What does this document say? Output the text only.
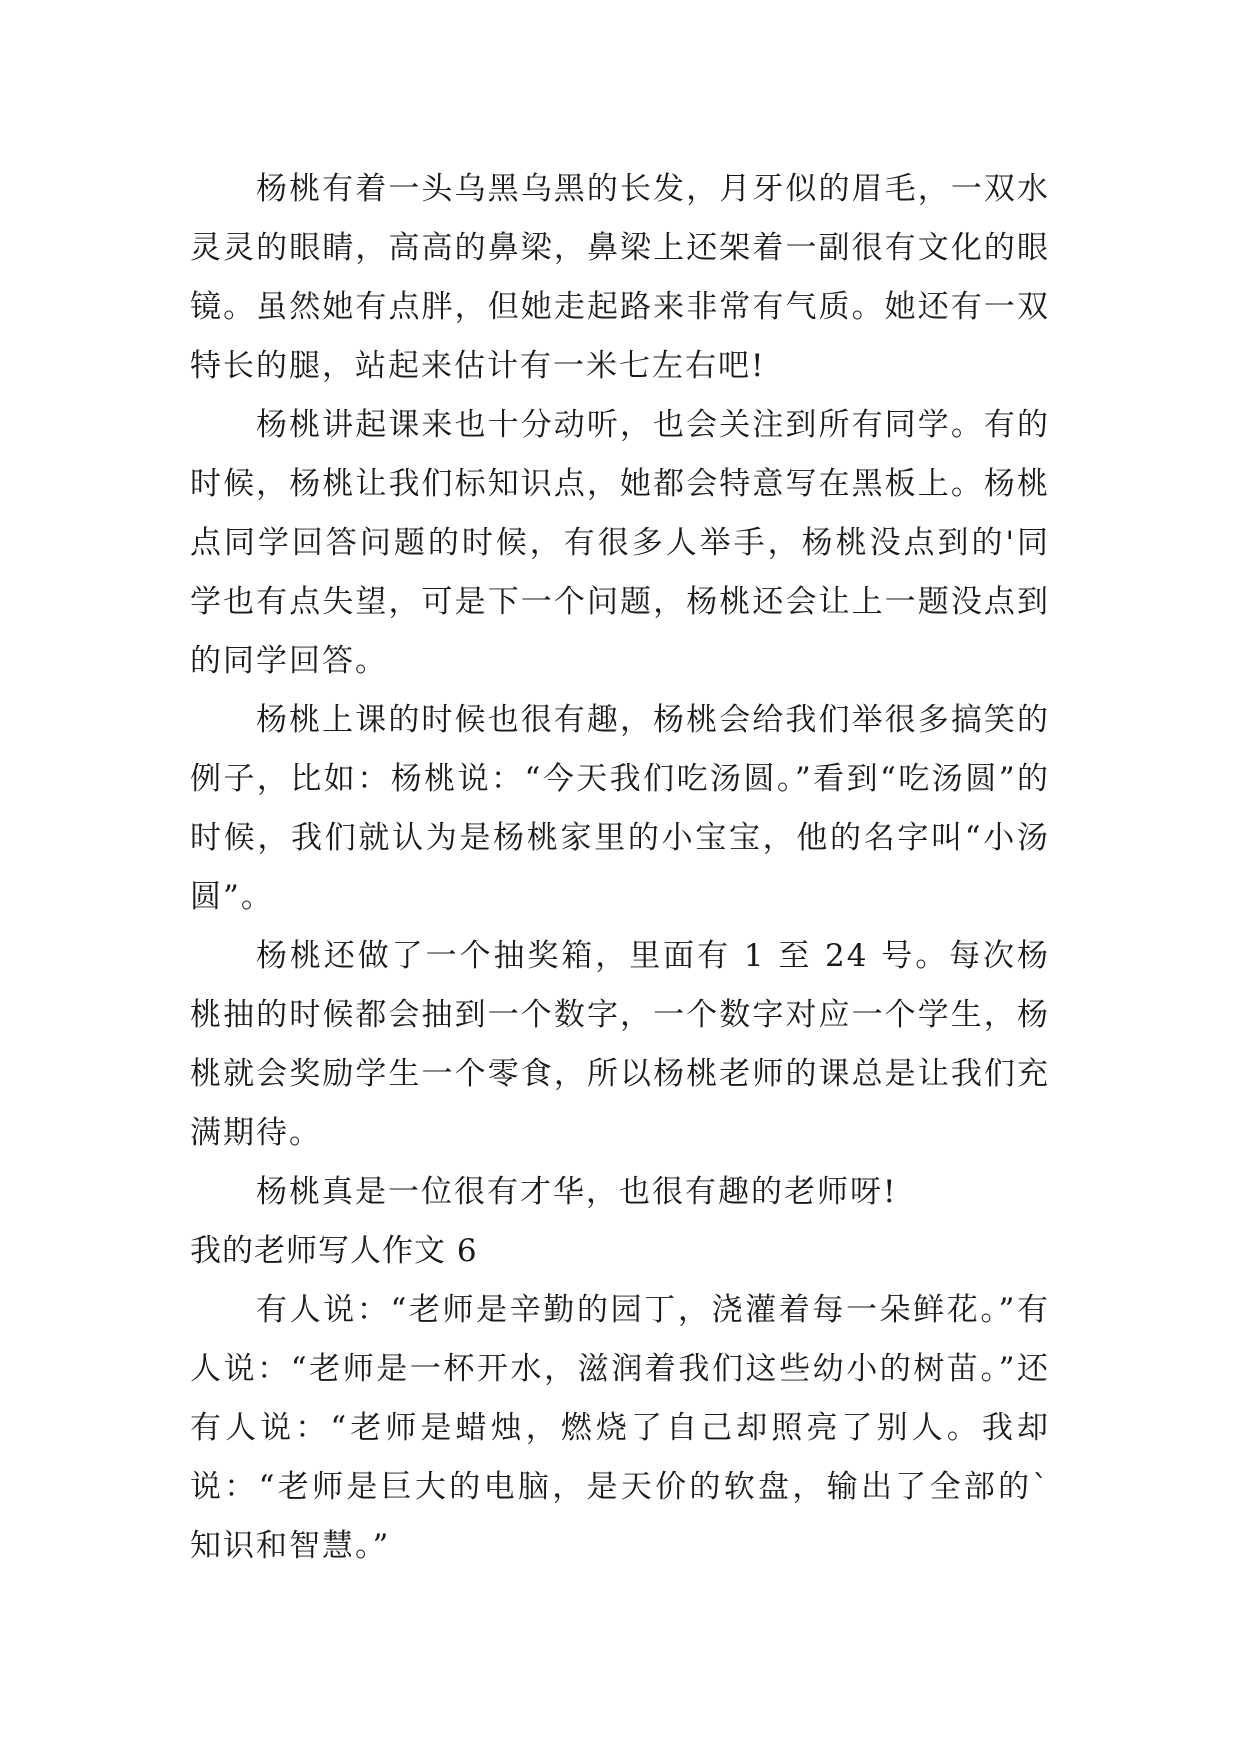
杨桃有着一头乌黑乌黑的长发，月牙似的眉毛，一双水灵灵的眼睛，高高的鼻梁，鼻梁上还架着一副很有文化的眼镜。虽然她有点胖，但她走起路来非常有气质。她还有一双特长的腿，站起来估计有一米七左右吧!

杨桃讲起课来也十分动听，也会关注到所有同学。有的时候，杨桃让我们标知识点，她都会特意写在黑板上。杨桃点同学回答问题的时候，有很多人举手，杨桃没点到的'同学也有点失望，可是下一个问题，杨桃还会让上一题没点到的同学回答。

杨桃上课的时候也很有趣，杨桃会给我们举很多搞笑的例子，比如：杨桃说：“今天我们吃汤圆。”看到“吃汤圆”的时候，我们就认为是杨桃家里的小宝宝，他的名字叫“小汤圆”。

杨桃还做了一个抽奖箱，里面有 1 至 24 号。每次杨桃抽的时候都会抽到一个数字，一个数字对应一个学生，杨桃就会奖励学生一个零食，所以杨桃老师的课总是让我们充满期待。

杨桃真是一位很有才华，也很有趣的老师呀!

我的老师写人作文 6

有人说：“老师是辛勤的园丁，浇灌着每一朵鲜花。”有人说：“老师是一杯开水，滋润着我们这些幼小的树苗。”还有人说：“老师是蜡烛，燃烧了自己却照亮了别人。我却说：“老师是巨大的电脑，是天价的软盘，输出了全部的`知识和智慧。”
